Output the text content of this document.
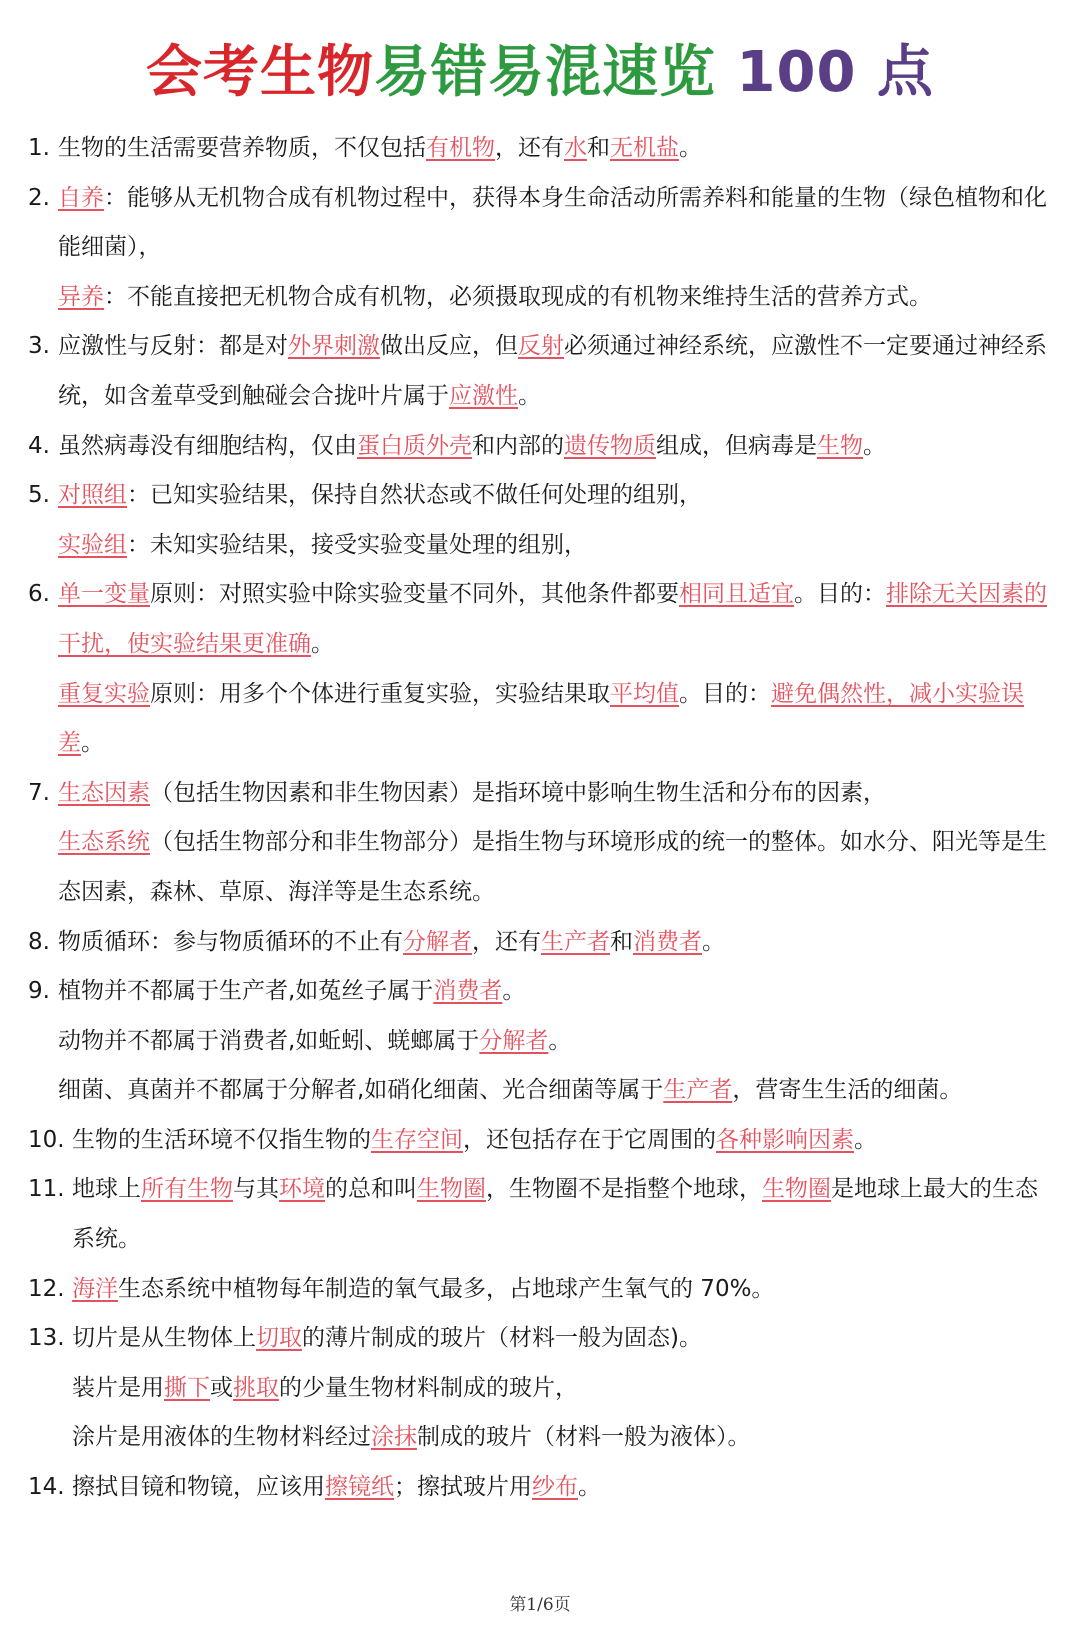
会考生物易错易混速览 100 点
1. 生物的生活需要营养物质，不仅包括有机物，还有水和无机盐。
2. 自养：能够从无机物合成有机物过程中，获得本身生命活动所需养料和能量的生物（绿色植物和化能细菌），
异养：不能直接把无机物合成有机物，必须摄取现成的有机物来维持生活的营养方式。
3. 应激性与反射：都是对外界刺激做出反应，但反射必须通过神经系统，应激性不一定要通过神经系统，如含羞草受到触碰会合拢叶片属于应激性。
4. 虽然病毒没有细胞结构，仅由蛋白质外壳和内部的遗传物质组成，但病毒是生物。
5. 对照组：已知实验结果，保持自然状态或不做任何处理的组别，
实验组：未知实验结果，接受实验变量处理的组别，
6. 单一变量原则：对照实验中除实验变量不同外，其他条件都要相同且适宜。目的：排除无关因素的干扰，使实验结果更准确。
重复实验原则：用多个个体进行重复实验，实验结果取平均值。目的：避免偶然性，减小实验误差。
7. 生态因素（包括生物因素和非生物因素）是指环境中影响生物生活和分布的因素，
生态系统（包括生物部分和非生物部分）是指生物与环境形成的统一的整体。如水分、阳光等是生态因素，森林、草原、海洋等是生态系统。
8. 物质循环：参与物质循环的不止有分解者，还有生产者和消费者。
9. 植物并不都属于生产者,如菟丝子属于消费者。
动物并不都属于消费者,如蚯蚓、蜣螂属于分解者。
细菌、真菌并不都属于分解者,如硝化细菌、光合细菌等属于生产者，营寄生生活的细菌。
10. 生物的生活环境不仅指生物的生存空间，还包括存在于它周围的各种影响因素。
11. 地球上所有生物与其环境的总和叫生物圈，生物圈不是指整个地球，生物圈是地球上最大的生态系统。
12. 海洋生态系统中植物每年制造的氧气最多，占地球产生氧气的 70%。
13. 切片是从生物体上切取的薄片制成的玻片（材料一般为固态)。
装片是用撕下或挑取的少量生物材料制成的玻片，
涂片是用液体的生物材料经过涂抹制成的玻片（材料一般为液体）。
14. 擦拭目镜和物镜，应该用擦镜纸；擦拭玻片用纱布。
第1/6页
